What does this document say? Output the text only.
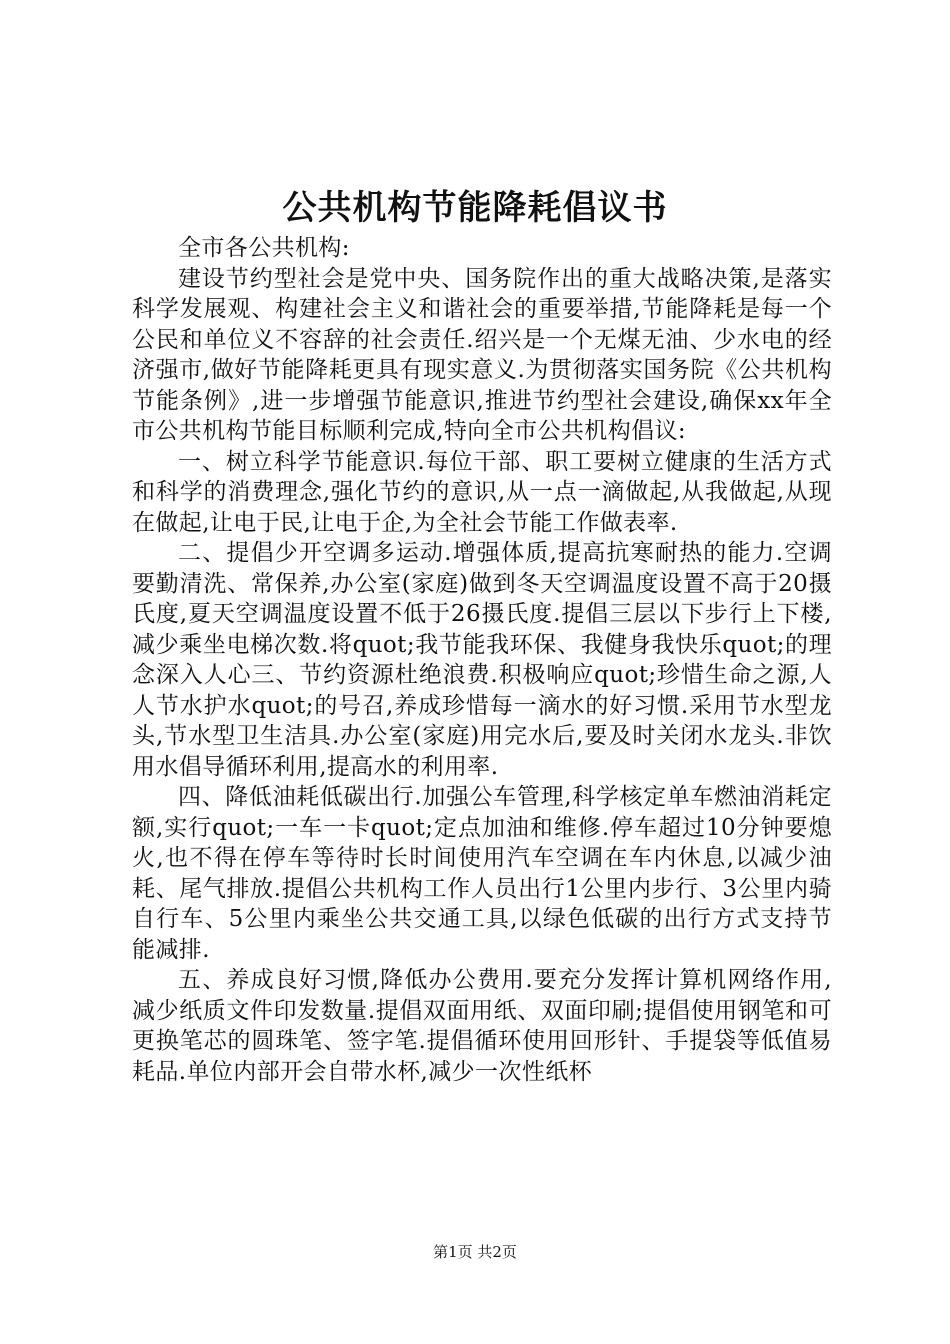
公共机构节能降耗倡议书

全市各公共机构:

建设节约型社会是党中央、国务院作出的重大战略决策,是落实科学发展观、构建社会主义和谐社会的重要举措,节能降耗是每一个公民和单位义不容辞的社会责任.绍兴是一个无煤无油、少水电的经济强市,做好节能降耗更具有现实意义.为贯彻落实国务院《公共机构节能条例》,进一步增强节能意识,推进节约型社会建设,确保xx年全市公共机构节能目标顺利完成,特向全市公共机构倡议:

一、树立科学节能意识.每位干部、职工要树立健康的生活方式和科学的消费理念,强化节约的意识,从一点一滴做起,从我做起,从现在做起,让电于民,让电于企,为全社会节能工作做表率.

二、提倡少开空调多运动.增强体质,提高抗寒耐热的能力.空调要勤清洗、常保养,办公室(家庭)做到冬天空调温度设置不高于20摄氏度,夏天空调温度设置不低于26摄氏度.提倡三层以下步行上下楼,减少乘坐电梯次数.将quot;我节能我环保、我健身我快乐quot;的理念深入人心三、节约资源杜绝浪费.积极响应quot;珍惜生命之源,人人节水护水quot;的号召,养成珍惜每一滴水的好习惯.采用节水型龙头,节水型卫生洁具.办公室(家庭)用完水后,要及时关闭水龙头.非饮用水倡导循环利用,提高水的利用率.

四、降低油耗低碳出行.加强公车管理,科学核定单车燃油消耗定额,实行quot;一车一卡quot;定点加油和维修.停车超过10分钟要熄火,也不得在停车等待时长时间使用汽车空调在车内休息,以减少油耗、尾气排放.提倡公共机构工作人员出行1公里内步行、3公里内骑自行车、5公里内乘坐公共交通工具,以绿色低碳的出行方式支持节能减排.

五、养成良好习惯,降低办公费用.要充分发挥计算机网络作用,减少纸质文件印发数量.提倡双面用纸、双面印刷;提倡使用钢笔和可更换笔芯的圆珠笔、签字笔.提倡循环使用回形针、手提袋等低值易耗品.单位内部开会自带水杯,减少一次性纸杯

第1页 共2页
